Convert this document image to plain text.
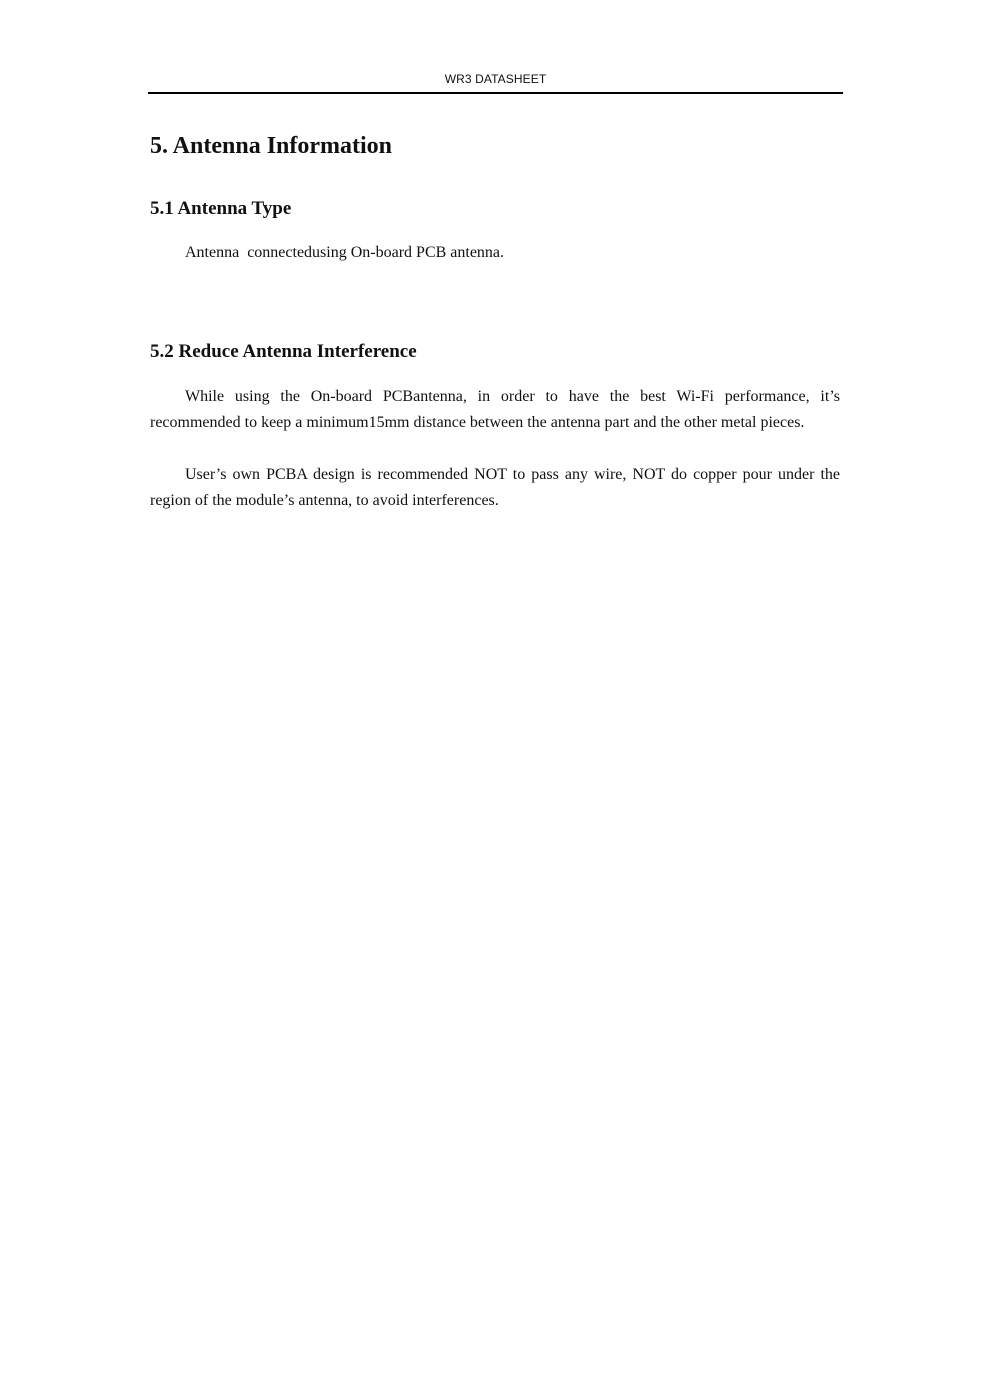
WR3 DATASHEET
5. Antenna Information
5.1 Antenna Type

Antenna  connectedusing On-board PCB antenna.

5.2 Reduce Antenna Interference

While using the On-board PCBantenna, in order to have the best Wi-Fi performance, it’s recommended to keep a minimum15mm distance between the antenna part and the other metal pieces.

User’s own PCBA design is recommended NOT to pass any wire, NOT do copper pour under the region of the module’s antenna, to avoid interferences.
